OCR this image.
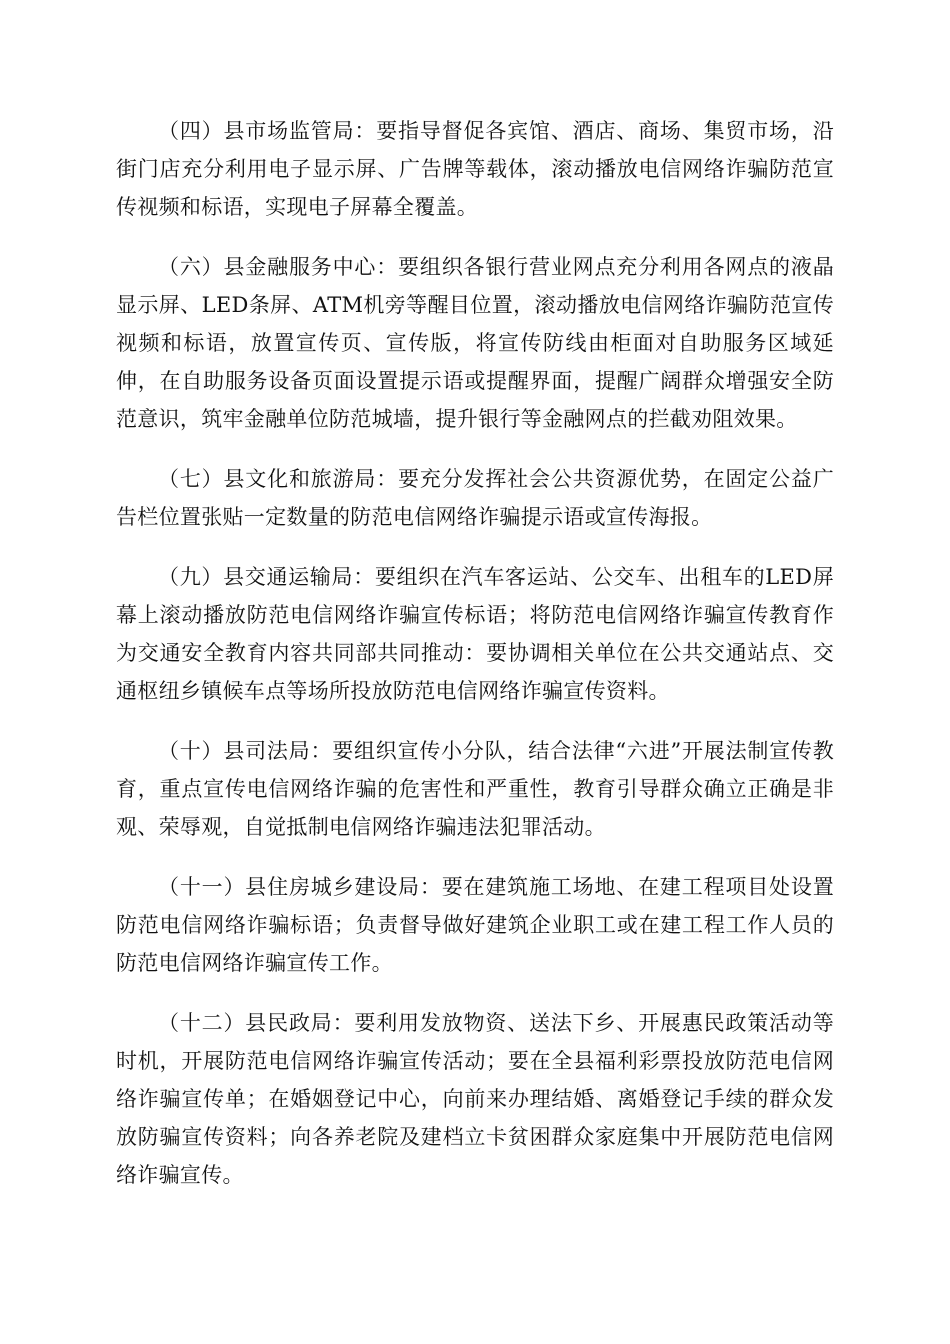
（四）县市场监管局：要指导督促各宾馆、酒店、商场、集贸市场，沿街门店充分利用电子显示屏、广告牌等载体，滚动播放电信网络诈骗防范宣传视频和标语，实现电子屏幕全覆盖。

（六）县金融服务中心：要组织各银行营业网点充分利用各网点的液晶显示屏、LED条屏、ATM机旁等醒目位置，滚动播放电信网络诈骗防范宣传视频和标语，放置宣传页、宣传版，将宣传防线由柜面对自助服务区域延伸，在自助服务设备页面设置提示语或提醒界面，提醒广阔群众增强安全防范意识，筑牢金融单位防范城墙，提升银行等金融网点的拦截劝阻效果。

（七）县文化和旅游局：要充分发挥社会公共资源优势，在固定公益广告栏位置张贴一定数量的防范电信网络诈骗提示语或宣传海报。

（九）县交通运输局：要组织在汽车客运站、公交车、出租车的LED屏幕上滚动播放防范电信网络诈骗宣传标语；将防范电信网络诈骗宣传教育作为交通安全教育内容共同部共同推动：要协调相关单位在公共交通站点、交通枢纽乡镇候车点等场所投放防范电信网络诈骗宣传资料。

（十）县司法局：要组织宣传小分队，结合法律“六进”开展法制宣传教育，重点宣传电信网络诈骗的危害性和严重性，教育引导群众确立正确是非观、荣辱观，自觉抵制电信网络诈骗违法犯罪活动。

（十一）县住房城乡建设局：要在建筑施工场地、在建工程项目处设置防范电信网络诈骗标语；负责督导做好建筑企业职工或在建工程工作人员的防范电信网络诈骗宣传工作。

（十二）县民政局：要利用发放物资、送法下乡、开展惠民政策活动等时机，开展防范电信网络诈骗宣传活动；要在全县福利彩票投放防范电信网络诈骗宣传单；在婚姻登记中心，向前来办理结婚、离婚登记手续的群众发放防骗宣传资料；向各养老院及建档立卡贫困群众家庭集中开展防范电信网络诈骗宣传。
